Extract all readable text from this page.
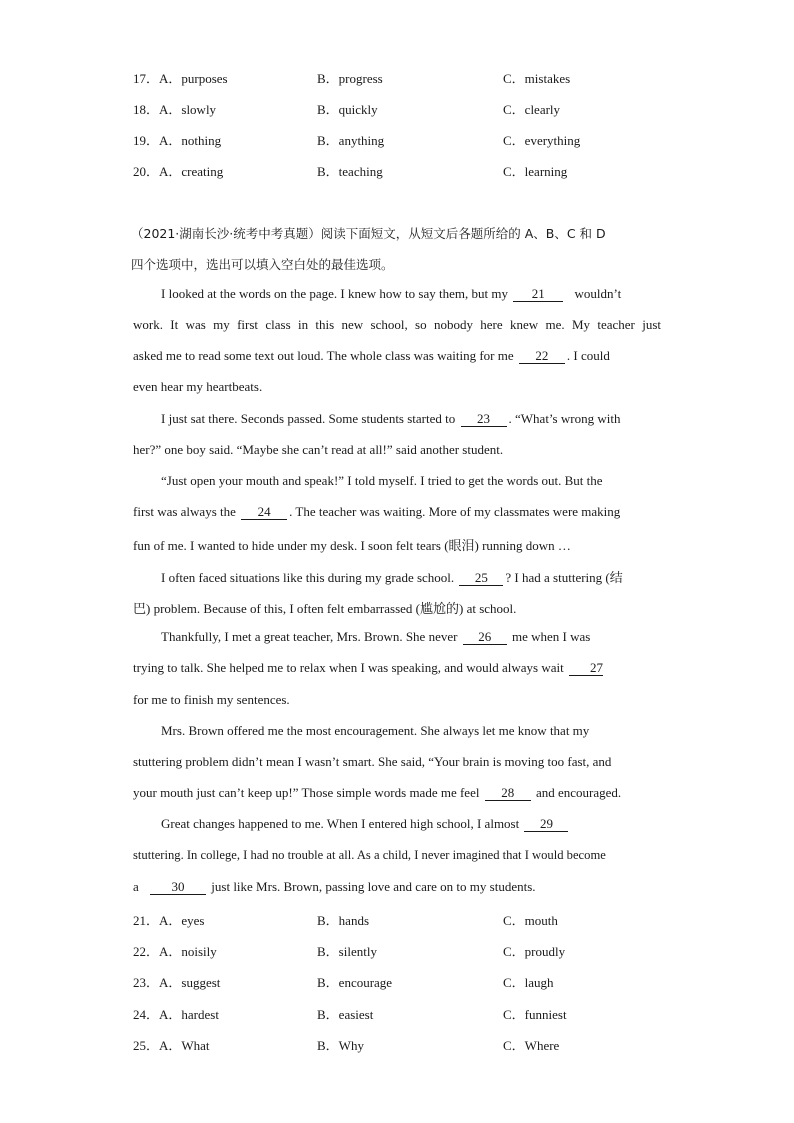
17．A．purposes	B．progress	C．mistakes
18．A．slowly	B．quickly	C．clearly
19．A．nothing	B．anything	C．everything
20．A．creating	B．teaching	C．learning
（2021·湖南长沙·统考中考真题）阅读下面短文，从短文后各题所给的 A、B、C 和 D
四个选项中，选出可以填入空白处的最佳选项。
I looked at the words on the page. I knew how to say them, but my 21 wouldn’t
work. It was my first class in this new school, so nobody here knew me. My teacher just
asked me to read some text out loud. The whole class was waiting for me 22 . I could
even hear my heartbeats.
I just sat there. Seconds passed. Some students started to 23 . “What’s wrong with
her?” one boy said. “Maybe she can’t read at all!” said another student.
“Just open your mouth and speak!” I told myself. I tried to get the words out. But the
first was always the 24 . The teacher was waiting. More of my classmates were making
fun of me. I wanted to hide under my desk. I soon felt tears (眼泪) running down …
I often faced situations like this during my grade school. 25 ? I had a stuttering (结
巴) problem. Because of this, I often felt embarrassed (尴尬的) at school.
Thankfully, I met a great teacher, Mrs. Brown. She never 26 me when I was
trying to talk. She helped me to relax when I was speaking, and would always wait 27
for me to finish my sentences.
Mrs. Brown offered me the most encouragement. She always let me know that my
stuttering problem didn’t mean I wasn’t smart. She said, “Your brain is moving too fast, and
your mouth just can’t keep up!” Those simple words made me feel 28 and encouraged.
Great changes happened to me. When I entered high school, I almost 29
stuttering. In college, I had no trouble at all. As a child, I never imagined that I would become
a	30 just like Mrs. Brown, passing love and care on to my students.
21．A．eyes	B．hands	C．mouth
22．A．noisily	B．silently	C．proudly
23．A．suggest	B．encourage	C．laugh
24．A．hardest	B．easiest	C．funniest
25．A．What	B．Why	C．Where
